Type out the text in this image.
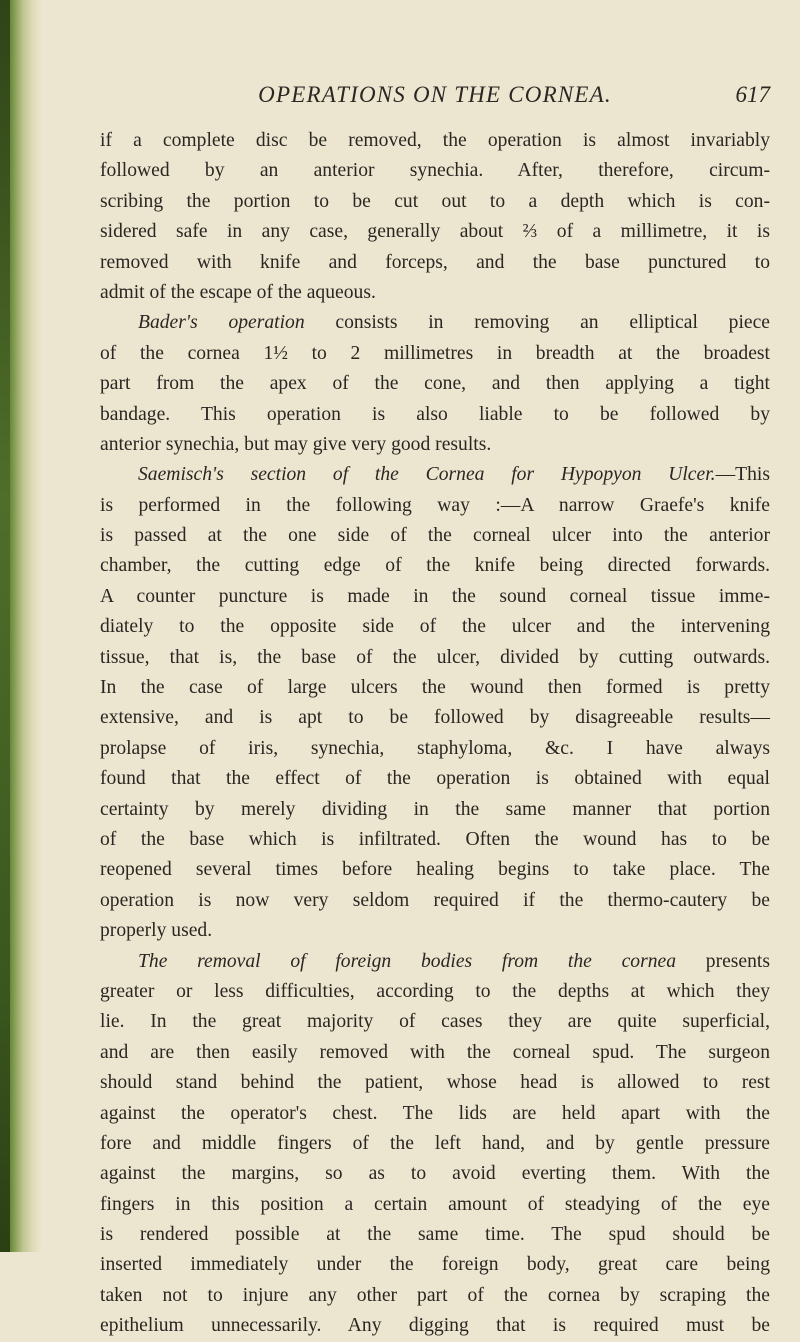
OPERATIONS ON THE CORNEA.	617
if a complete disc be removed, the operation is almost invariably
followed by an anterior synechia. After, therefore, circum-
scribing the portion to be cut out to a depth which is con-
sidered safe in any case, generally about ⅔ of a millimetre, it is
removed with knife and forceps, and the base punctured to
admit of the escape of the aqueous.
Bader's operation consists in removing an elliptical piece
of the cornea 1½ to 2 millimetres in breadth at the broadest
part from the apex of the cone, and then applying a tight
bandage. This operation is also liable to be followed by
anterior synechia, but may give very good results.
Saemisch's section of the Cornea for Hypopyon Ulcer.—This
is performed in the following way :—A narrow Graefe's knife
is passed at the one side of the corneal ulcer into the anterior
chamber, the cutting edge of the knife being directed forwards.
A counter puncture is made in the sound corneal tissue imme-
diately to the opposite side of the ulcer and the intervening
tissue, that is, the base of the ulcer, divided by cutting outwards.
In the case of large ulcers the wound then formed is pretty
extensive, and is apt to be followed by disagreeable results—
prolapse of iris, synechia, staphyloma, &c. I have always
found that the effect of the operation is obtained with equal
certainty by merely dividing in the same manner that portion
of the base which is infiltrated. Often the wound has to be
reopened several times before healing begins to take place. The
operation is now very seldom required if the thermo-cautery be
properly used.
The removal of foreign bodies from the cornea presents
greater or less difficulties, according to the depths at which they
lie. In the great majority of cases they are quite superficial,
and are then easily removed with the corneal spud. The surgeon
should stand behind the patient, whose head is allowed to rest
against the operator's chest. The lids are held apart with the
fore and middle fingers of the left hand, and by gentle pressure
against the margins, so as to avoid everting them. With the
fingers in this position a certain amount of steadying of the eye
is rendered possible at the same time. The spud should be
inserted immediately under the foreign body, great care being
taken not to injure any other part of the cornea by scraping the
epithelium unnecessarily. Any digging that is required must be
